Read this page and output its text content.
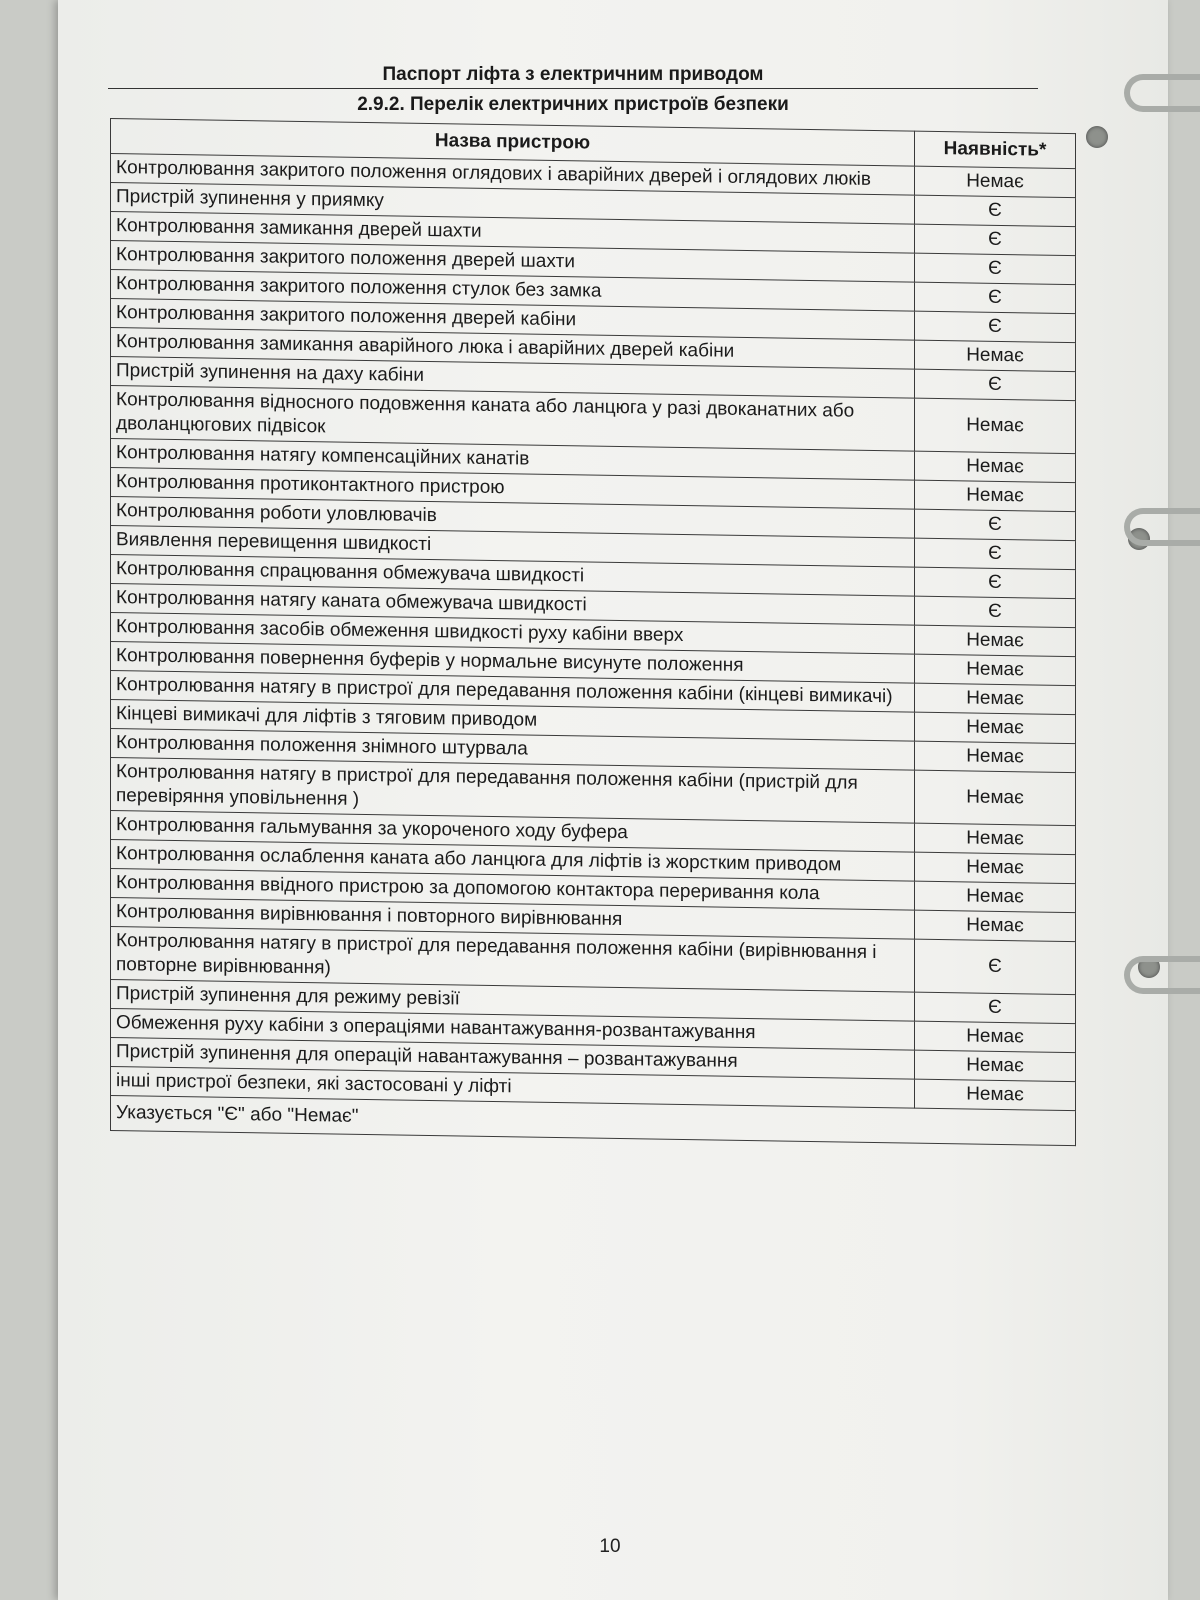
Паспорт ліфта з електричним приводом
2.9.2. Перелік електричних пристроїв безпеки
Назва пристрою	Наявність*
Контролювання закритого положення оглядових і аварійних дверей і оглядових люків	Немає
Пристрій зупинення у приямку	Є
Контролювання замикання дверей шахти	Є
Контролювання закритого положення дверей шахти	Є
Контролювання закритого положення стулок без замка	Є
Контролювання закритого положення дверей кабіни	Є
Контролювання замикання аварійного люка і аварійних дверей кабіни	Немає
Пристрій зупинення на даху кабіни	Є
Контролювання відносного подовження каната або ланцюга у разі двоканатних або дволанцюгових підвісок	Немає
Контролювання натягу компенсаційних канатів	Немає
Контролювання протиконтактного пристрою	Немає
Контролювання роботи уловлювачів	Є
Виявлення перевищення швидкості	Є
Контролювання спрацювання обмежувача швидкості	Є
Контролювання натягу каната обмежувача швидкості	Є
Контролювання засобів обмеження швидкості руху кабіни вверх	Немає
Контролювання повернення буферів у нормальне висунуте положення	Немає
Контролювання натягу в пристрої для передавання положення кабіни (кінцеві вимикачі)	Немає
Кінцеві вимикачі для ліфтів з тяговим приводом	Немає
Контролювання положення знімного штурвала	Немає
Контролювання натягу в пристрої для передавання положення кабіни (пристрій для перевіряння уповільнення )	Немає
Контролювання гальмування за укороченого ходу буфера	Немає
Контролювання ослаблення каната або ланцюга для ліфтів із жорстким приводом	Немає
Контролювання ввідного пристрою за допомогою контактора переривання кола	Немає
Контролювання вирівнювання і повторного вирівнювання	Немає
Контролювання натягу в пристрої для передавання положення кабіни (вирівнювання і повторне вирівнювання)	Є
Пристрій зупинення для режиму ревізії	Є
Обмеження руху кабіни з операціями навантажування-розвантажування	Немає
Пристрій зупинення для операцій навантажування – розвантажування	Немає
інші пристрої безпеки, які застосовані у ліфті	Немає
Указується "Є" або "Немає"	
10
